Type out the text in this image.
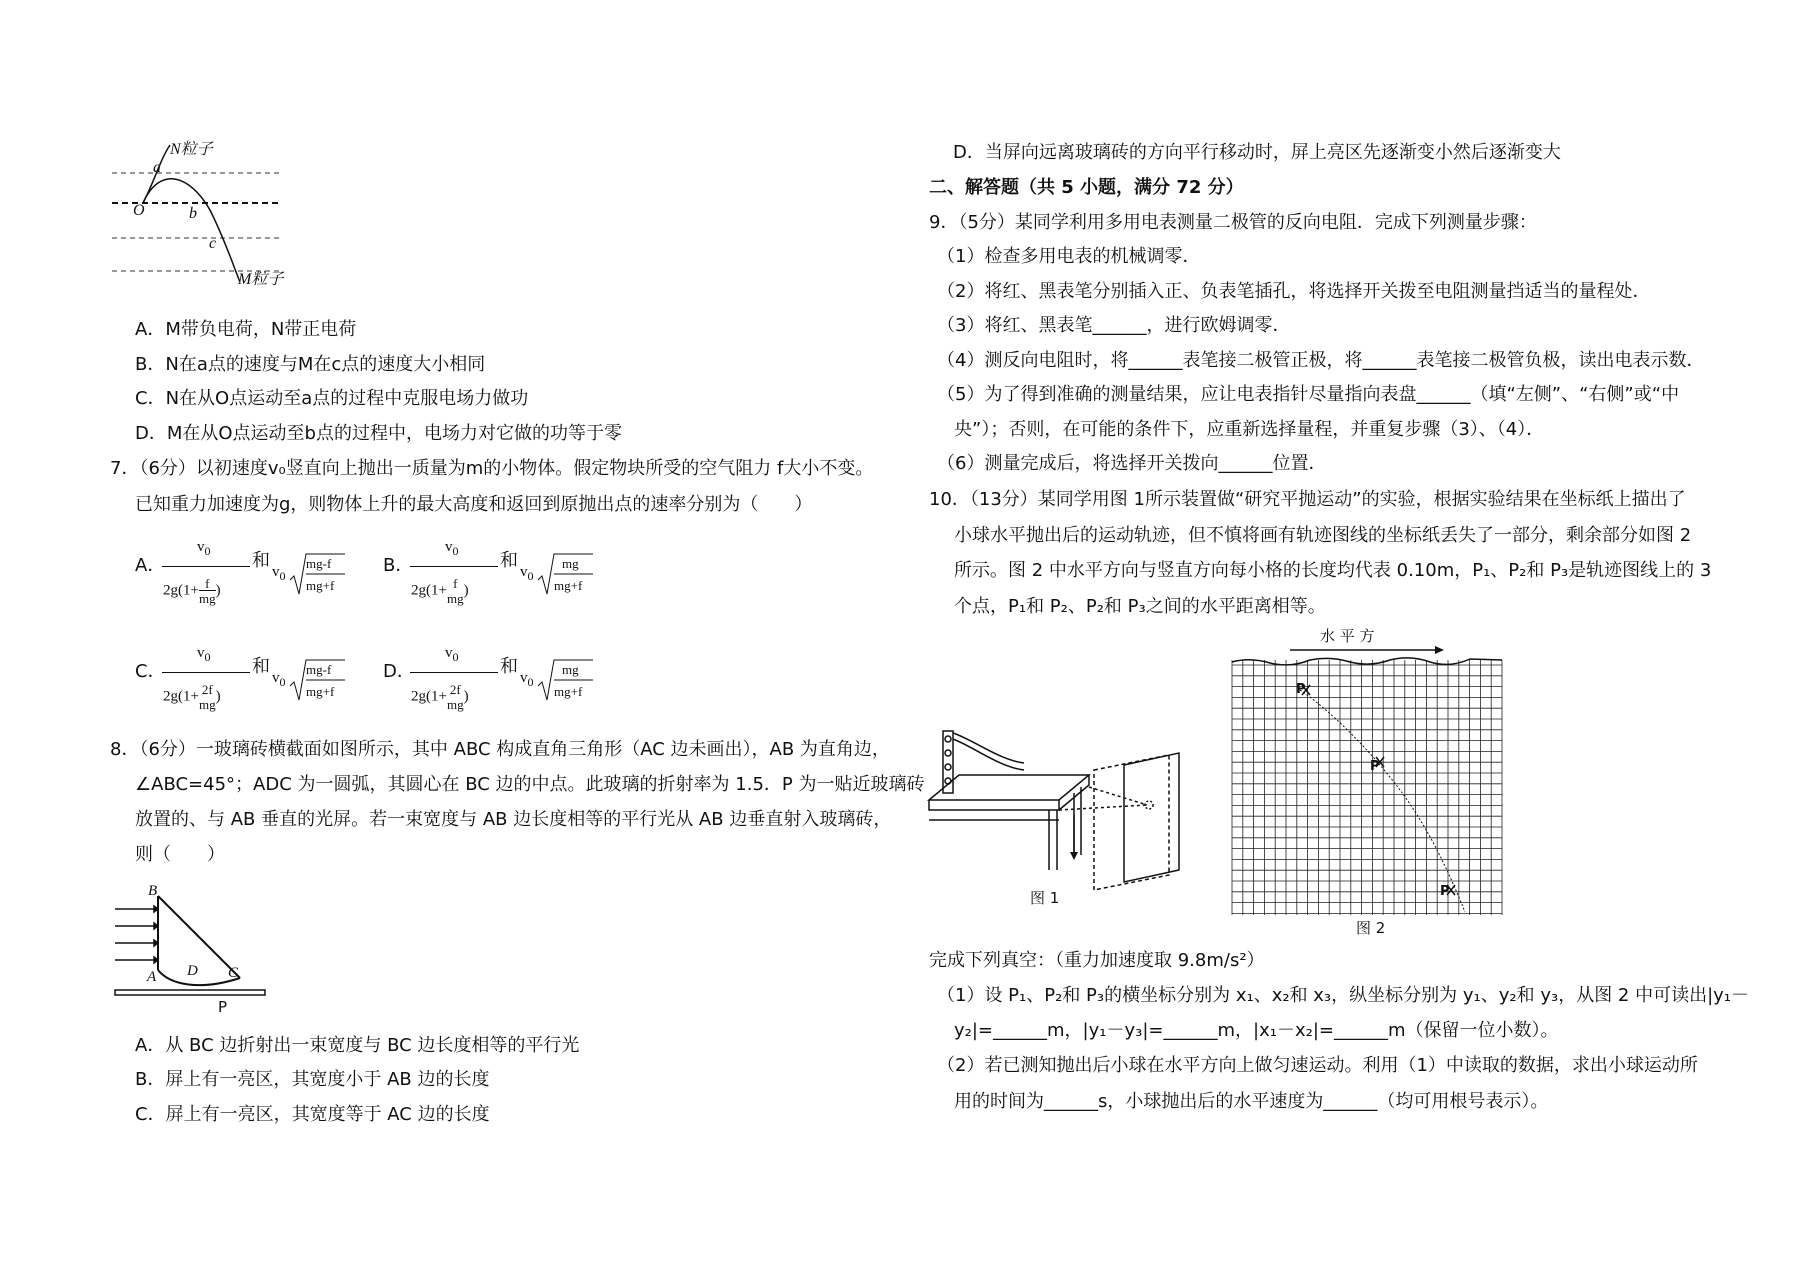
N粒子
a
O	b
c
M粒子
A．M带负电荷，N带正电荷
B．N在a点的速度与M在c点的速度大小相同
C．N在从O点运动至a点的过程中克服电场力做功
D．M在从O点运动至b点的过程中，电场力对它做的功等于零
7．（6分）以初速度v₀竖直向上抛出一质量为m的小物体。假定物块所受的空气阻力 f大小不变。
已知重力加速度为g，则物体上升的最大高度和返回到原抛出点的速率分别为（　　）
A．
$v_0$
$2g(1+\frac{f}{mg})$
和
$v_0$
mg-f
mg+f
B．
$v_0$
2g(1+ f
mg)
和
$v_0$
mg
mg+f
C．
$v_0$
2g(1+ 2f
mg)
和
$v_0$
mg-f
mg+f
D．
$v_0$
2g(1+ 2f
mg)
和
$v_0$
mg
mg+f
8．（6分）一玻璃砖横截面如图所示，其中 ABC 构成直角三角形（AC 边未画出），AB 为直角边，
∠ABC=45°；ADC 为一圆弧，其圆心在 BC 边的中点。此玻璃的折射率为 1.5．P 为一贴近玻璃砖
放置的、与 AB 垂直的光屏。若一束宽度与 AB 边长度相等的平行光从 AB 边垂直射入玻璃砖，
则（　　）
B
A D C
P
A．从 BC 边折射出一束宽度与 BC 边长度相等的平行光
B．屏上有一亮区，其宽度小于 AB 边的长度
C．屏上有一亮区，其宽度等于 AC 边的长度
D．当屏向远离玻璃砖的方向平行移动时，屏上亮区先逐渐变小然后逐渐变大
二、解答题（共 5 小题，满分 72 分）
9．（5分）某同学利用多用电表测量二极管的反向电阻．完成下列测量步骤：
（1）检查多用电表的机械调零．
（2）将红、黑表笔分别插入正、负表笔插孔，将选择开关拨至电阻测量挡适当的量程处．
（3）将红、黑表笔______，进行欧姆调零．
（4）测反向电阻时，将______表笔接二极管正极，将______表笔接二极管负极，读出电表示数．
（5）为了得到准确的测量结果，应让电表指针尽量指向表盘______（填“左侧”、“右侧”或“中
央”）；否则，在可能的条件下，应重新选择量程，并重复步骤（3）、（4）．
（6）测量完成后，将选择开关拨向______位置．
10．（13分）某同学用图 1所示装置做“研究平抛运动”的实验，根据实验结果在坐标纸上描出了
小球水平抛出后的运动轨迹，但不慎将画有轨迹图线的坐标纸丢失了一部分，剩余部分如图 2
所示。图 2 中水平方向与竖直方向每小格的长度均代表 0.10m，P₁、P₂和 P₃是轨迹图线上的 3
个点，P₁和 P₂、P₂和 P₃之间的水平距离相等。
图 1
水 平 方
P
P
P
图 2
完成下列真空：（重力加速度取 9.8m/s²）
（1）设 P₁、P₂和 P₃的横坐标分别为 x₁、x₂和 x₃，纵坐标分别为 y₁、y₂和 y₃，从图 2 中可读出|y₁－
y₂|=______m，|y₁－y₃|=______m，|x₁－x₂|=______m（保留一位小数）。
（2）若已测知抛出后小球在水平方向上做匀速运动。利用（1）中读取的数据，求出小球运动所
用的时间为______s，小球抛出后的水平速度为______（均可用根号表示）。
